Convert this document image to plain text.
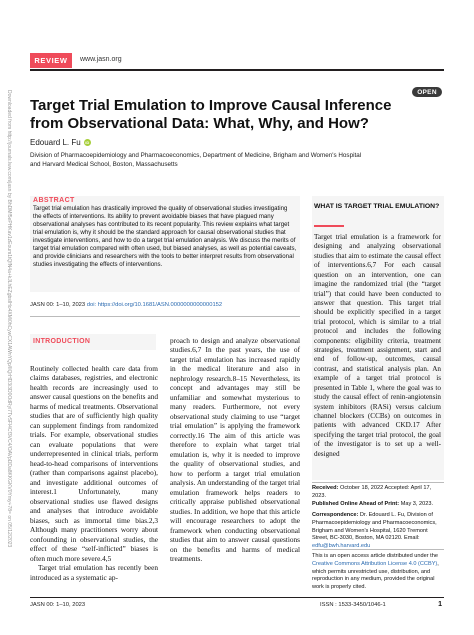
REVIEW	www.jasn.org
OPEN
Downloaded from http://journals.lww.com/jasn by BhDMf5ePHKav1zEoum1tQfN4a+kJLhEZgbsIHo4XMi0hCywCX1AWnYQp/IlQrHD3i3D0OdRyi7TvSFl4Cf3VC4/OAVpDDa8KKGKV0Ymy+78= on 05/12/2023 Target Trial Emulation to Improve Causal Inference from Observational Data: What, Why, and How?
Edouard L. Fu	iD
Division of Pharmacoepidemiology and Pharmacoeconomics, Department of Medicine, Brigham and Women's Hospital
and Harvard Medical School, Boston, Massachusetts
ABSTRACT
Target trial emulation has drastically improved the quality of observational studies investigating the effects of interventions. Its ability to prevent avoidable biases that have plagued many observational analyses has contributed to its recent popularity. This review explains what target trial emulation is, why it should be the standard approach for causal observational studies that investigate interventions, and how to do a target trial emulation analysis. We discuss the merits of target trial emulation compared with often used, but biased analyses, as well as potential caveats, and provide clinicians and researchers with the tools to better interpret results from observational studies investigating the effects of interventions.
JASN 00: 1–10, 2023 doi: https://doi.org/10.1681/ASN.0000000000000152
WHAT IS TARGET TRIAL EMULATION?
Target trial emulation is a framework for designing and analyzing observational studies that aim to estimate the causal effect of interventions.6,7 For each causal question on an intervention, one can imagine the randomized trial (the “target trial”) that could have been conducted to answer that question. This target trial should be explicitly specified in a target trial protocol, which is similar to a trial protocol and includes the following components: eligibility criteria, treatment strategies, treatment assignment, start and end of follow-up, outcomes, causal contrast, and statistical analysis plan. An example of a target trial protocol is presented in Table 1, where the goal was to study the causal effect of renin-angiotensin system inhibitors (RASi) versus calcium channel blockers (CCBs) on outcomes in patients with advanced CKD.17 After specifying the target trial protocol, the goal of the investigator is to set up a well-designed
INTRODUCTION

Routinely collected health care data from claims databases, registries, and electronic health records are increasingly used to answer causal questions on the benefits and harms of medical treatments. Observational studies that are of sufficiently high quality can supplement findings from randomized trials. For example, observational studies can evaluate populations that were underrepresented in clinical trials, perform head-to-head comparisons of interventions (rather than comparisons against placebo), and investigate additional outcomes of interest.1 Unfortunately, many observational studies use flawed designs and analyses that introduce avoidable biases, such as immortal time bias.2,3 Although many practitioners worry about confounding in observational studies, the effect of these “self-inflicted” biases is often much more severe.4,5

Target trial emulation has recently been introduced as a systematic ap-

proach to design and analyze observational studies.6,7 In the past years, the use of target trial emulation has increased rapidly in the medical literature and also in nephrology research.8–15 Nevertheless, its concept and advantages may still be unfamiliar and somewhat mysterious to many readers. Furthermore, not every observational study claiming to use “target trial emulation” is applying the framework correctly.16 The aim of this article was therefore to explain what target trial emulation is, why it is needed to improve the quality of observational studies, and how to perform a target trial emulation analysis. An understanding of the target trial emulation framework helps readers to critically appraise published observational studies. In addition, we hope that this article will encourage researchers to adopt the framework when conducting observational studies that aim to answer causal questions on the benefits and harms of medical treatments.

Received: October 18, 2022 Accepted: April 17, 2023.
Published Online Ahead of Print: May 3, 2023.
Correspondence: Dr. Edouard L. Fu, Division of Pharmacoepidemiology and Pharmacoeconomics, Brigham and Women's Hospital, 1620 Tremont Street, BC-3030, Boston, MA 02120. Email: edfu@bwh.harvard.edu
This is an open access article distributed under the Creative Commons Attribution License 4.0 (CCBY), which permits unrestricted use, distribution, and reproduction in any medium, provided the original work is properly cited.
JASN 00: 1–10, 2023	ISSN : 1533-3450/1046-1	1
